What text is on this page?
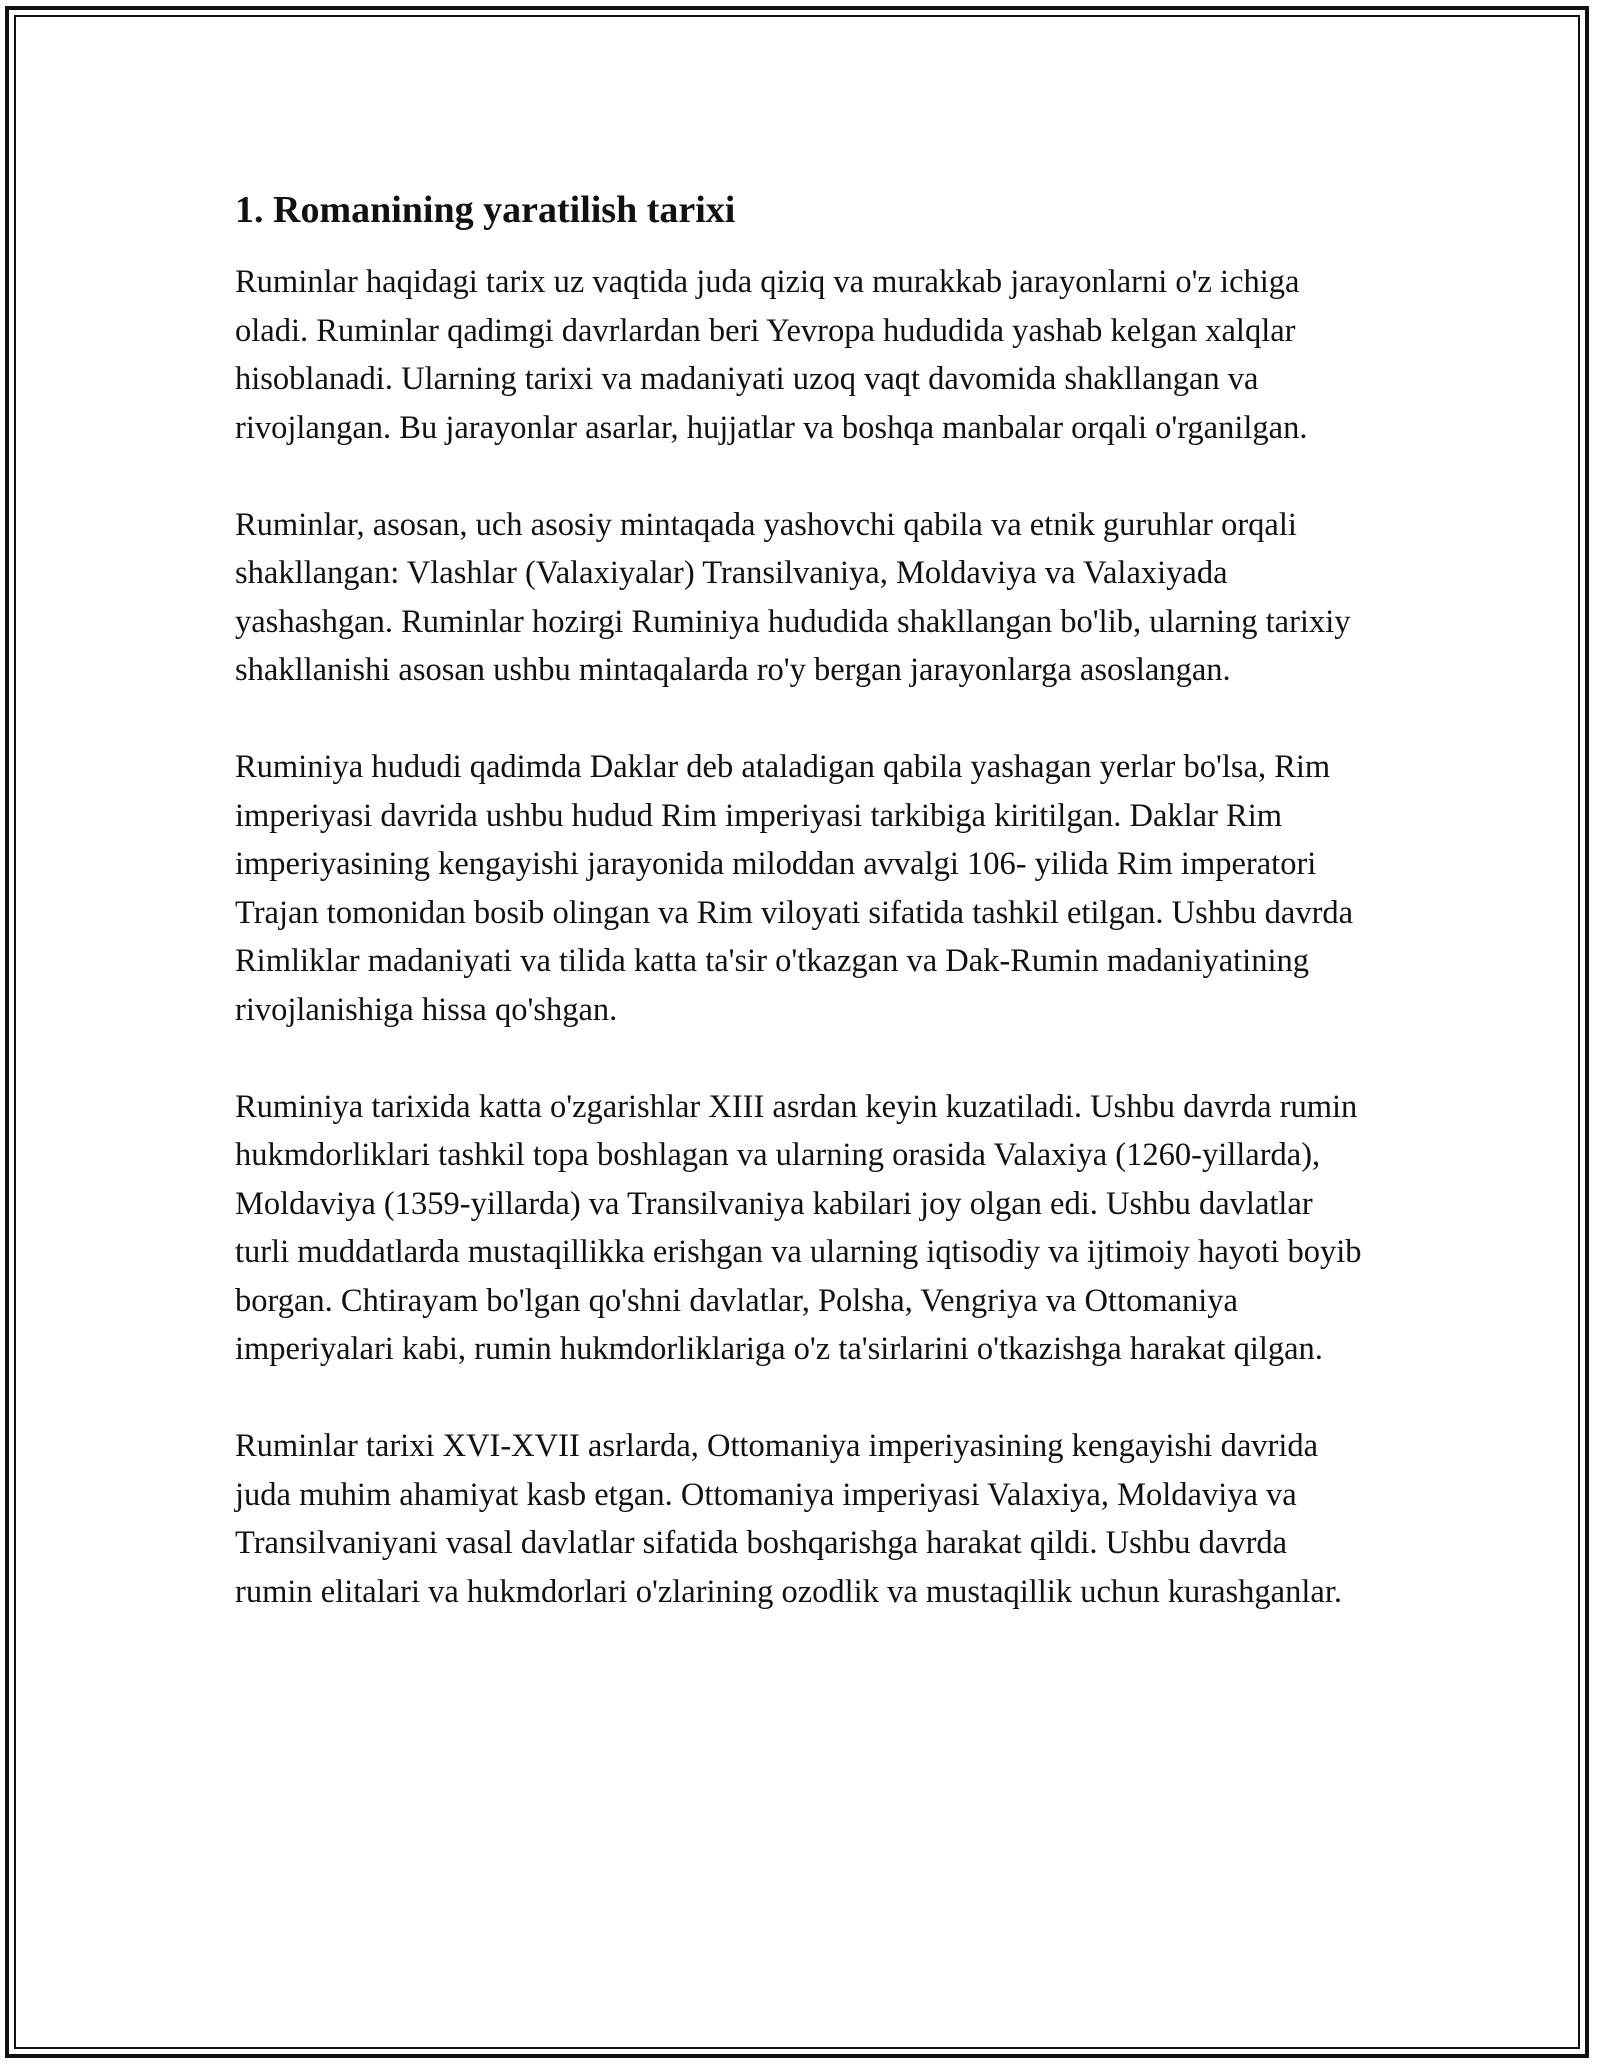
1. Romanining yaratilish tarixi

Ruminlar haqidagi tarix uz vaqtida juda qiziq va murakkab jarayonlarni o'z ichiga oladi. Ruminlar qadimgi davrlardan beri Yevropa hududida yashab kelgan xalqlar hisoblanadi. Ularning tarixi va madaniyati uzoq vaqt davomida shakllangan va rivojlangan. Bu jarayonlar asarlar, hujjatlar va boshqa manbalar orqali o'rganilgan.

Ruminlar, asosan, uch asosiy mintaqada yashovchi qabila va etnik guruhlar orqali shakllangan: Vlashlar (Valaxiyalar) Transilvaniya, Moldaviya va Valaxiyada yashashgan. Ruminlar hozirgi Ruminiya hududida shakllangan bo'lib, ularning tarixiy shakllanishi asosan ushbu mintaqalarda ro'y bergan jarayonlarga asoslangan.

Ruminiya hududi qadimda Daklar deb ataladigan qabila yashagan yerlar bo'lsa, Rim imperiyasi davrida ushbu hudud Rim imperiyasi tarkibiga kiritilgan. Daklar Rim imperiyasining kengayishi jarayonida miloddan avvalgi 106- yilida Rim imperatori Trajan tomonidan bosib olingan va Rim viloyati sifatida tashkil etilgan. Ushbu davrda Rimliklar madaniyati va tilida katta ta'sir o'tkazgan va Dak-Rumin madaniyatining rivojlanishiga hissa qo'shgan.

Ruminiya tarixida katta o'zgarishlar XIII asrdan keyin kuzatiladi. Ushbu davrda rumin hukmdorliklari tashkil topa boshlagan va ularning orasida Valaxiya (1260-yillarda), Moldaviya (1359-yillarda) va Transilvaniya kabilari joy olgan edi. Ushbu davlatlar turli muddatlarda mustaqillikka erishgan va ularning iqtisodiy va ijtimoiy hayoti boyib borgan. Chtirayam bo'lgan qo'shni davlatlar, Polsha, Vengriya va Ottomaniya imperiyalari kabi, rumin hukmdorliklariga o'z ta'sirlarini o'tkazishga harakat qilgan.

Ruminlar tarixi XVI-XVII asrlarda, Ottomaniya imperiyasining kengayishi davrida juda muhim ahamiyat kasb etgan. Ottomaniya imperiyasi Valaxiya, Moldaviya va Transilvaniyani vasal davlatlar sifatida boshqarishga harakat qildi. Ushbu davrda rumin elitalari va hukmdorlari o'zlarining ozodlik va mustaqillik uchun kurashganlar.
